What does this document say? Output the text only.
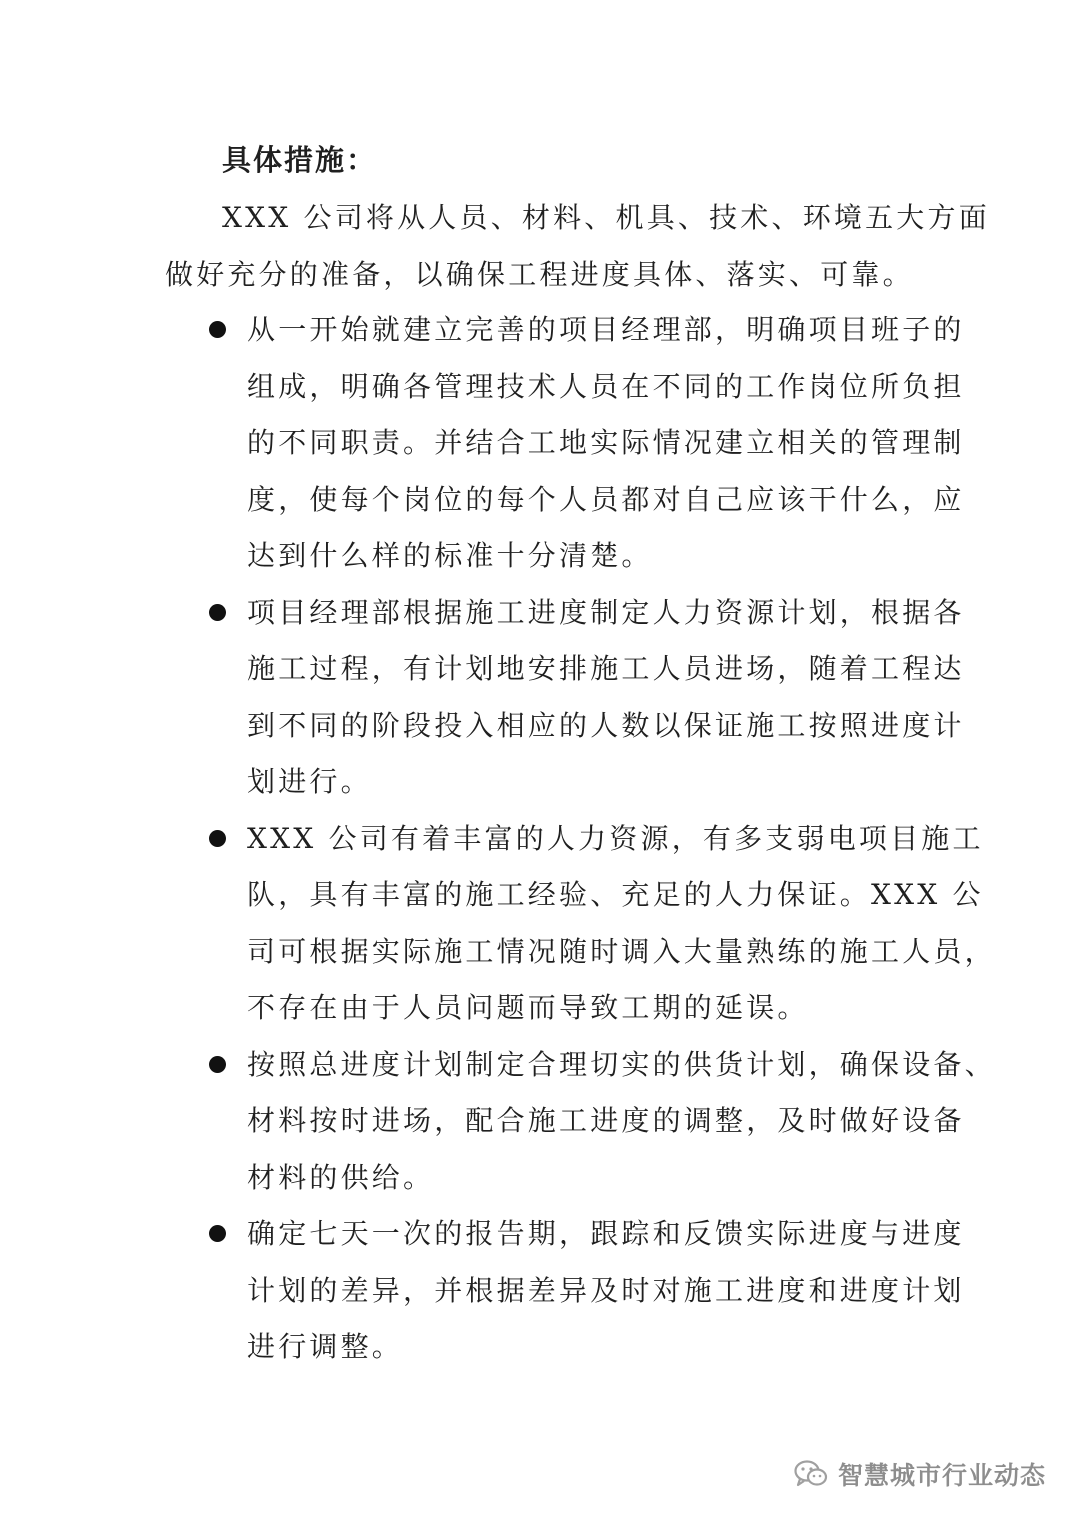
具体措施：
XXX 公司将从人员、材料、机具、技术、环境五大方面
做好充分的准备，以确保工程进度具体、落实、可靠。
从一开始就建立完善的项目经理部，明确项目班子的
组成，明确各管理技术人员在不同的工作岗位所负担
的不同职责。并结合工地实际情况建立相关的管理制
度，使每个岗位的每个人员都对自己应该干什么，应
达到什么样的标准十分清楚。
项目经理部根据施工进度制定人力资源计划，根据各
施工过程，有计划地安排施工人员进场，随着工程达
到不同的阶段投入相应的人数以保证施工按照进度计
划进行。
XXX 公司有着丰富的人力资源，有多支弱电项目施工
队，具有丰富的施工经验、充足的人力保证。XXX 公
司可根据实际施工情况随时调入大量熟练的施工人员，
不存在由于人员问题而导致工期的延误。
按照总进度计划制定合理切实的供货计划，确保设备、
材料按时进场，配合施工进度的调整，及时做好设备
材料的供给。
确定七天一次的报告期，跟踪和反馈实际进度与进度
计划的差异，并根据差异及时对施工进度和进度计划
进行调整。
智慧城市行业动态
